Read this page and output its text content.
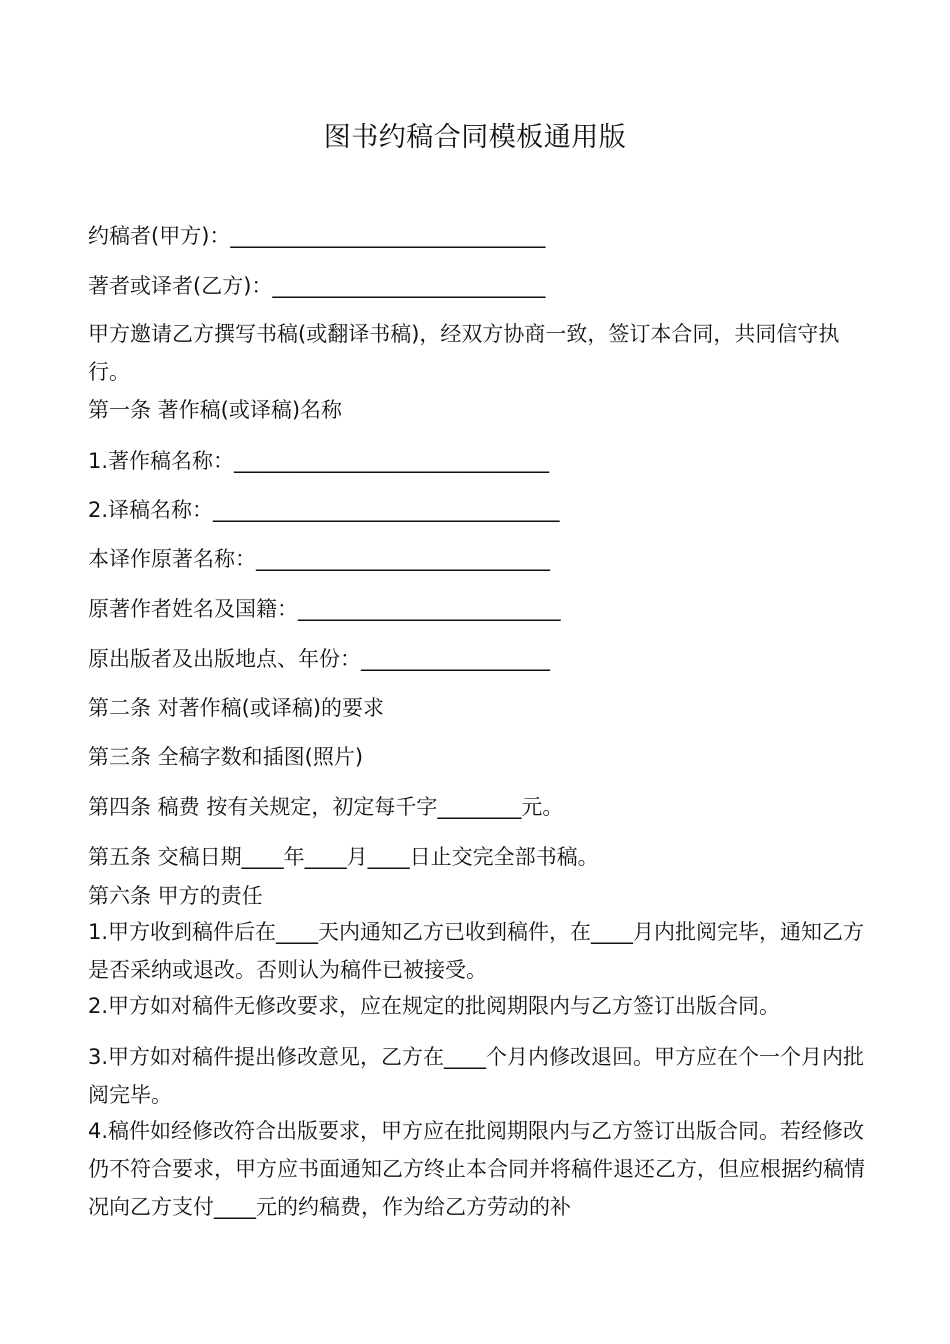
图书约稿合同模板通用版
约稿者(甲方)：______________________________
著者或译者(乙方)：__________________________
甲方邀请乙方撰写书稿(或翻译书稿)，经双方协商一致，签订本合同，共同信守执行。
第一条 著作稿(或译稿)名称
1.著作稿名称：______________________________
2.译稿名称：_________________________________
本译作原著名称：____________________________
原著作者姓名及国籍：_________________________
原出版者及出版地点、年份：__________________
第二条 对著作稿(或译稿)的要求
第三条 全稿字数和插图(照片)
第四条 稿费 按有关规定，初定每千字________元。
第五条 交稿日期____年____月____日止交完全部书稿。
第六条 甲方的责任
1.甲方收到稿件后在____天内通知乙方已收到稿件，在____月内批阅完毕，通知乙方是否采纳或退改。否则认为稿件已被接受。
2.甲方如对稿件无修改要求，应在规定的批阅期限内与乙方签订出版合同。
3.甲方如对稿件提出修改意见，乙方在____个月内修改退回。甲方应在个一个月内批阅完毕。
4.稿件如经修改符合出版要求，甲方应在批阅期限内与乙方签订出版合同。若经修改仍不符合要求，甲方应书面通知乙方终止本合同并将稿件退还乙方，但应根据约稿情况向乙方支付____元的约稿费，作为给乙方劳动的补
